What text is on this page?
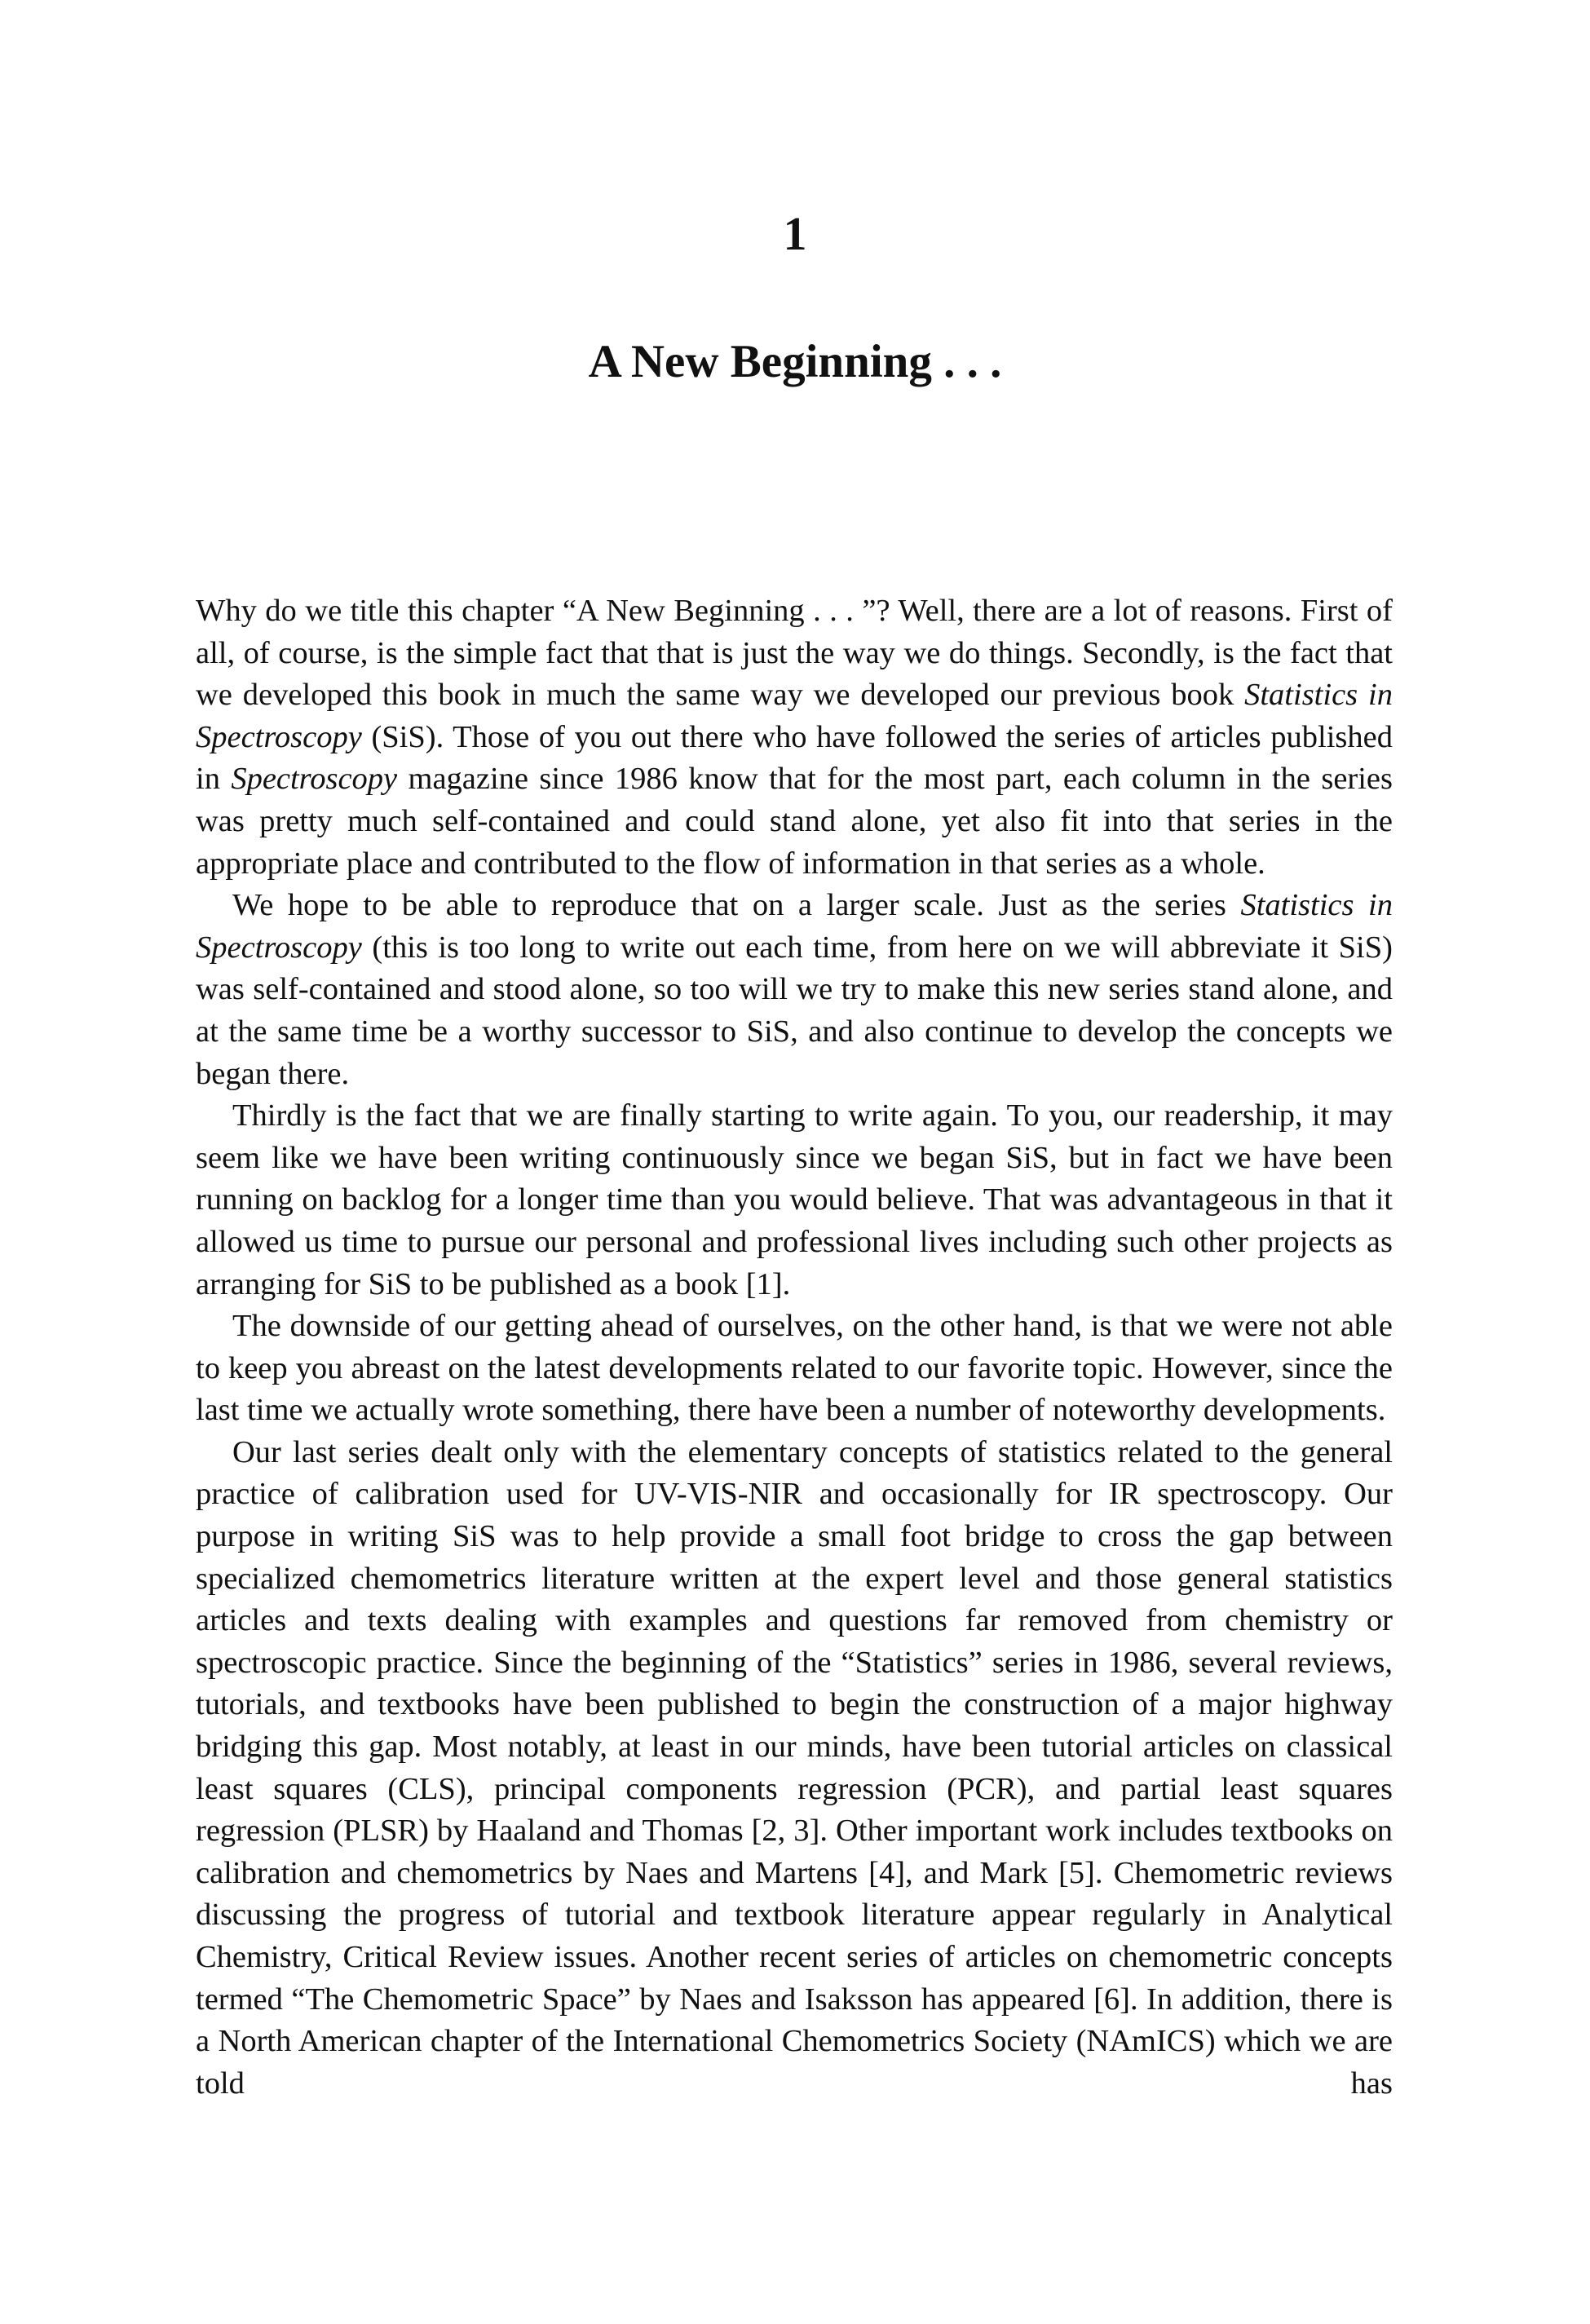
1
A New Beginning . . .

Why do we title this chapter “A New Beginning . . . ”? Well, there are a lot of reasons. First of all, of course, is the simple fact that that is just the way we do things. Secondly, is the fact that we developed this book in much the same way we developed our previous book Statistics in Spectroscopy (SiS). Those of you out there who have followed the series of articles published in Spectroscopy magazine since 1986 know that for the most part, each column in the series was pretty much self-contained and could stand alone, yet also fit into that series in the appropriate place and contributed to the flow of information in that series as a whole.

We hope to be able to reproduce that on a larger scale. Just as the series Statistics in Spectroscopy (this is too long to write out each time, from here on we will abbreviate it SiS) was self-contained and stood alone, so too will we try to make this new series stand alone, and at the same time be a worthy successor to SiS, and also continue to develop the concepts we began there.

Thirdly is the fact that we are finally starting to write again. To you, our readership, it may seem like we have been writing continuously since we began SiS, but in fact we have been running on backlog for a longer time than you would believe. That was advantageous in that it allowed us time to pursue our personal and professional lives including such other projects as arranging for SiS to be published as a book [1].

The downside of our getting ahead of ourselves, on the other hand, is that we were not able to keep you abreast on the latest developments related to our favorite topic. However, since the last time we actually wrote something, there have been a number of noteworthy developments.

Our last series dealt only with the elementary concepts of statistics related to the general practice of calibration used for UV-VIS-NIR and occasionally for IR spectroscopy. Our purpose in writing SiS was to help provide a small foot bridge to cross the gap between specialized chemometrics literature written at the expert level and those general statistics articles and texts dealing with examples and questions far removed from chemistry or spectroscopic practice. Since the beginning of the “Statistics” series in 1986, several reviews, tutorials, and textbooks have been published to begin the construction of a major highway bridging this gap. Most notably, at least in our minds, have been tutorial articles on classical least squares (CLS), principal components regression (PCR), and partial least squares regression (PLSR) by Haaland and Thomas [2, 3]. Other important work includes textbooks on calibration and chemometrics by Naes and Martens [4], and Mark [5]. Chemometric reviews discussing the progress of tutorial and textbook literature appear regularly in Analytical Chemistry, Critical Review issues. Another recent series of articles on chemometric concepts termed “The Chemometric Space” by Naes and Isaksson has appeared [6]. In addition, there is a North American chapter of the International Chemometrics Society (NAmICS) which we are told has
